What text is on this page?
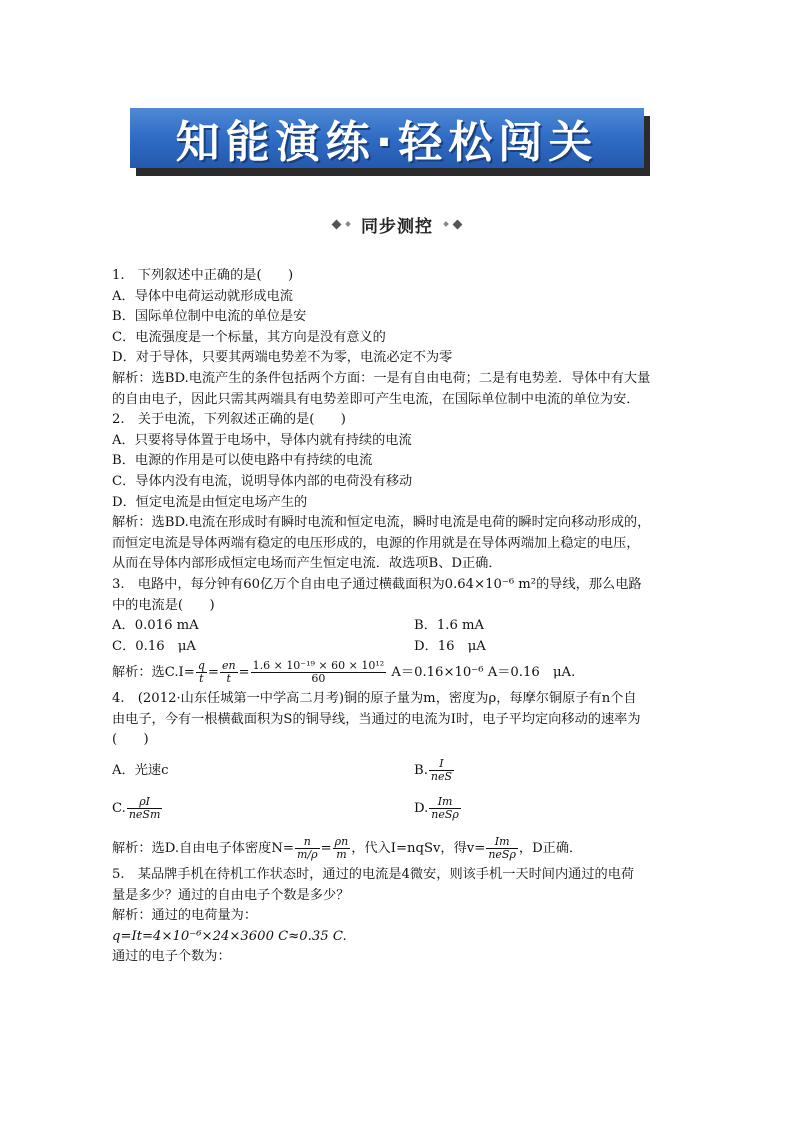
知能演练·轻松闯关
同步测控
1.　下列叙述中正确的是(　　)
A．导体中电荷运动就形成电流
B．国际单位制中电流的单位是安
C．电流强度是一个标量，其方向是没有意义的
D．对于导体，只要其两端电势差不为零，电流必定不为零
解析：选BD.电流产生的条件包括两个方面：一是有自由电荷；二是有电势差．导体中有大量
的自由电子，因此只需其两端具有电势差即可产生电流，在国际单位制中电流的单位为安．
2.　关于电流，下列叙述正确的是(　　)
A．只要将导体置于电场中，导体内就有持续的电流
B．电源的作用是可以使电路中有持续的电流
C．导体内没有电流，说明导体内部的电荷没有移动
D．恒定电流是由恒定电场产生的
解析：选BD.电流在形成时有瞬时电流和恒定电流，瞬时电流是电荷的瞬时定向移动形成的，
而恒定电流是导体两端有稳定的电压形成的，电源的作用就是在导体两端加上稳定的电压，
从而在导体内部形成恒定电场而产生恒定电流．故选项B、D正确．
3.　电路中，每分钟有60亿万个自由电子通过横截面积为0.64×10⁻⁶ m²的导线，那么电路
中的电流是(　　)
A．0.016 mA	B．1.6 mA
C．0.16　μA	D．16　μA
解析：选$C.I= \frac{q}{t} = \frac{en}{t} = \frac{\text{1.6 × 10⁻¹⁹ × 60 × 10¹²}}{60} A=0.16\times 10^{-6}$ A＝0.16　μA.
4.　(2012·山东任城第一中学高二月考)铜的原子量为m，密度为ρ，每摩尔铜原子有n个自
由电子，今有一根横截面积为S的铜导线，当通过的电流为I时，电子平均定向移动的速率为
(　　)
A．光速c	B. $\frac{I}{\text{neS}}$
C. $\frac{\rho I}{\text{neSm}}$	D. $\frac{Im}{\text{neSρ}}$
解析：选D.自由电子体密度$N= \frac{n}{m/\rho} = \frac{\rho n}{m}$ ，代入I=nqSv，得$v= \frac{Im}{\text{neSρ}}$ ，D正确．
5.　某品牌手机在待机工作状态时，通过的电流是4微安，则该手机一天时间内通过的电荷
量是多少？通过的自由电子个数是多少？
解析：通过的电荷量为：
q=It=4×10⁻⁶×24×3600 C≈0.35 C.
通过的电子个数为：
